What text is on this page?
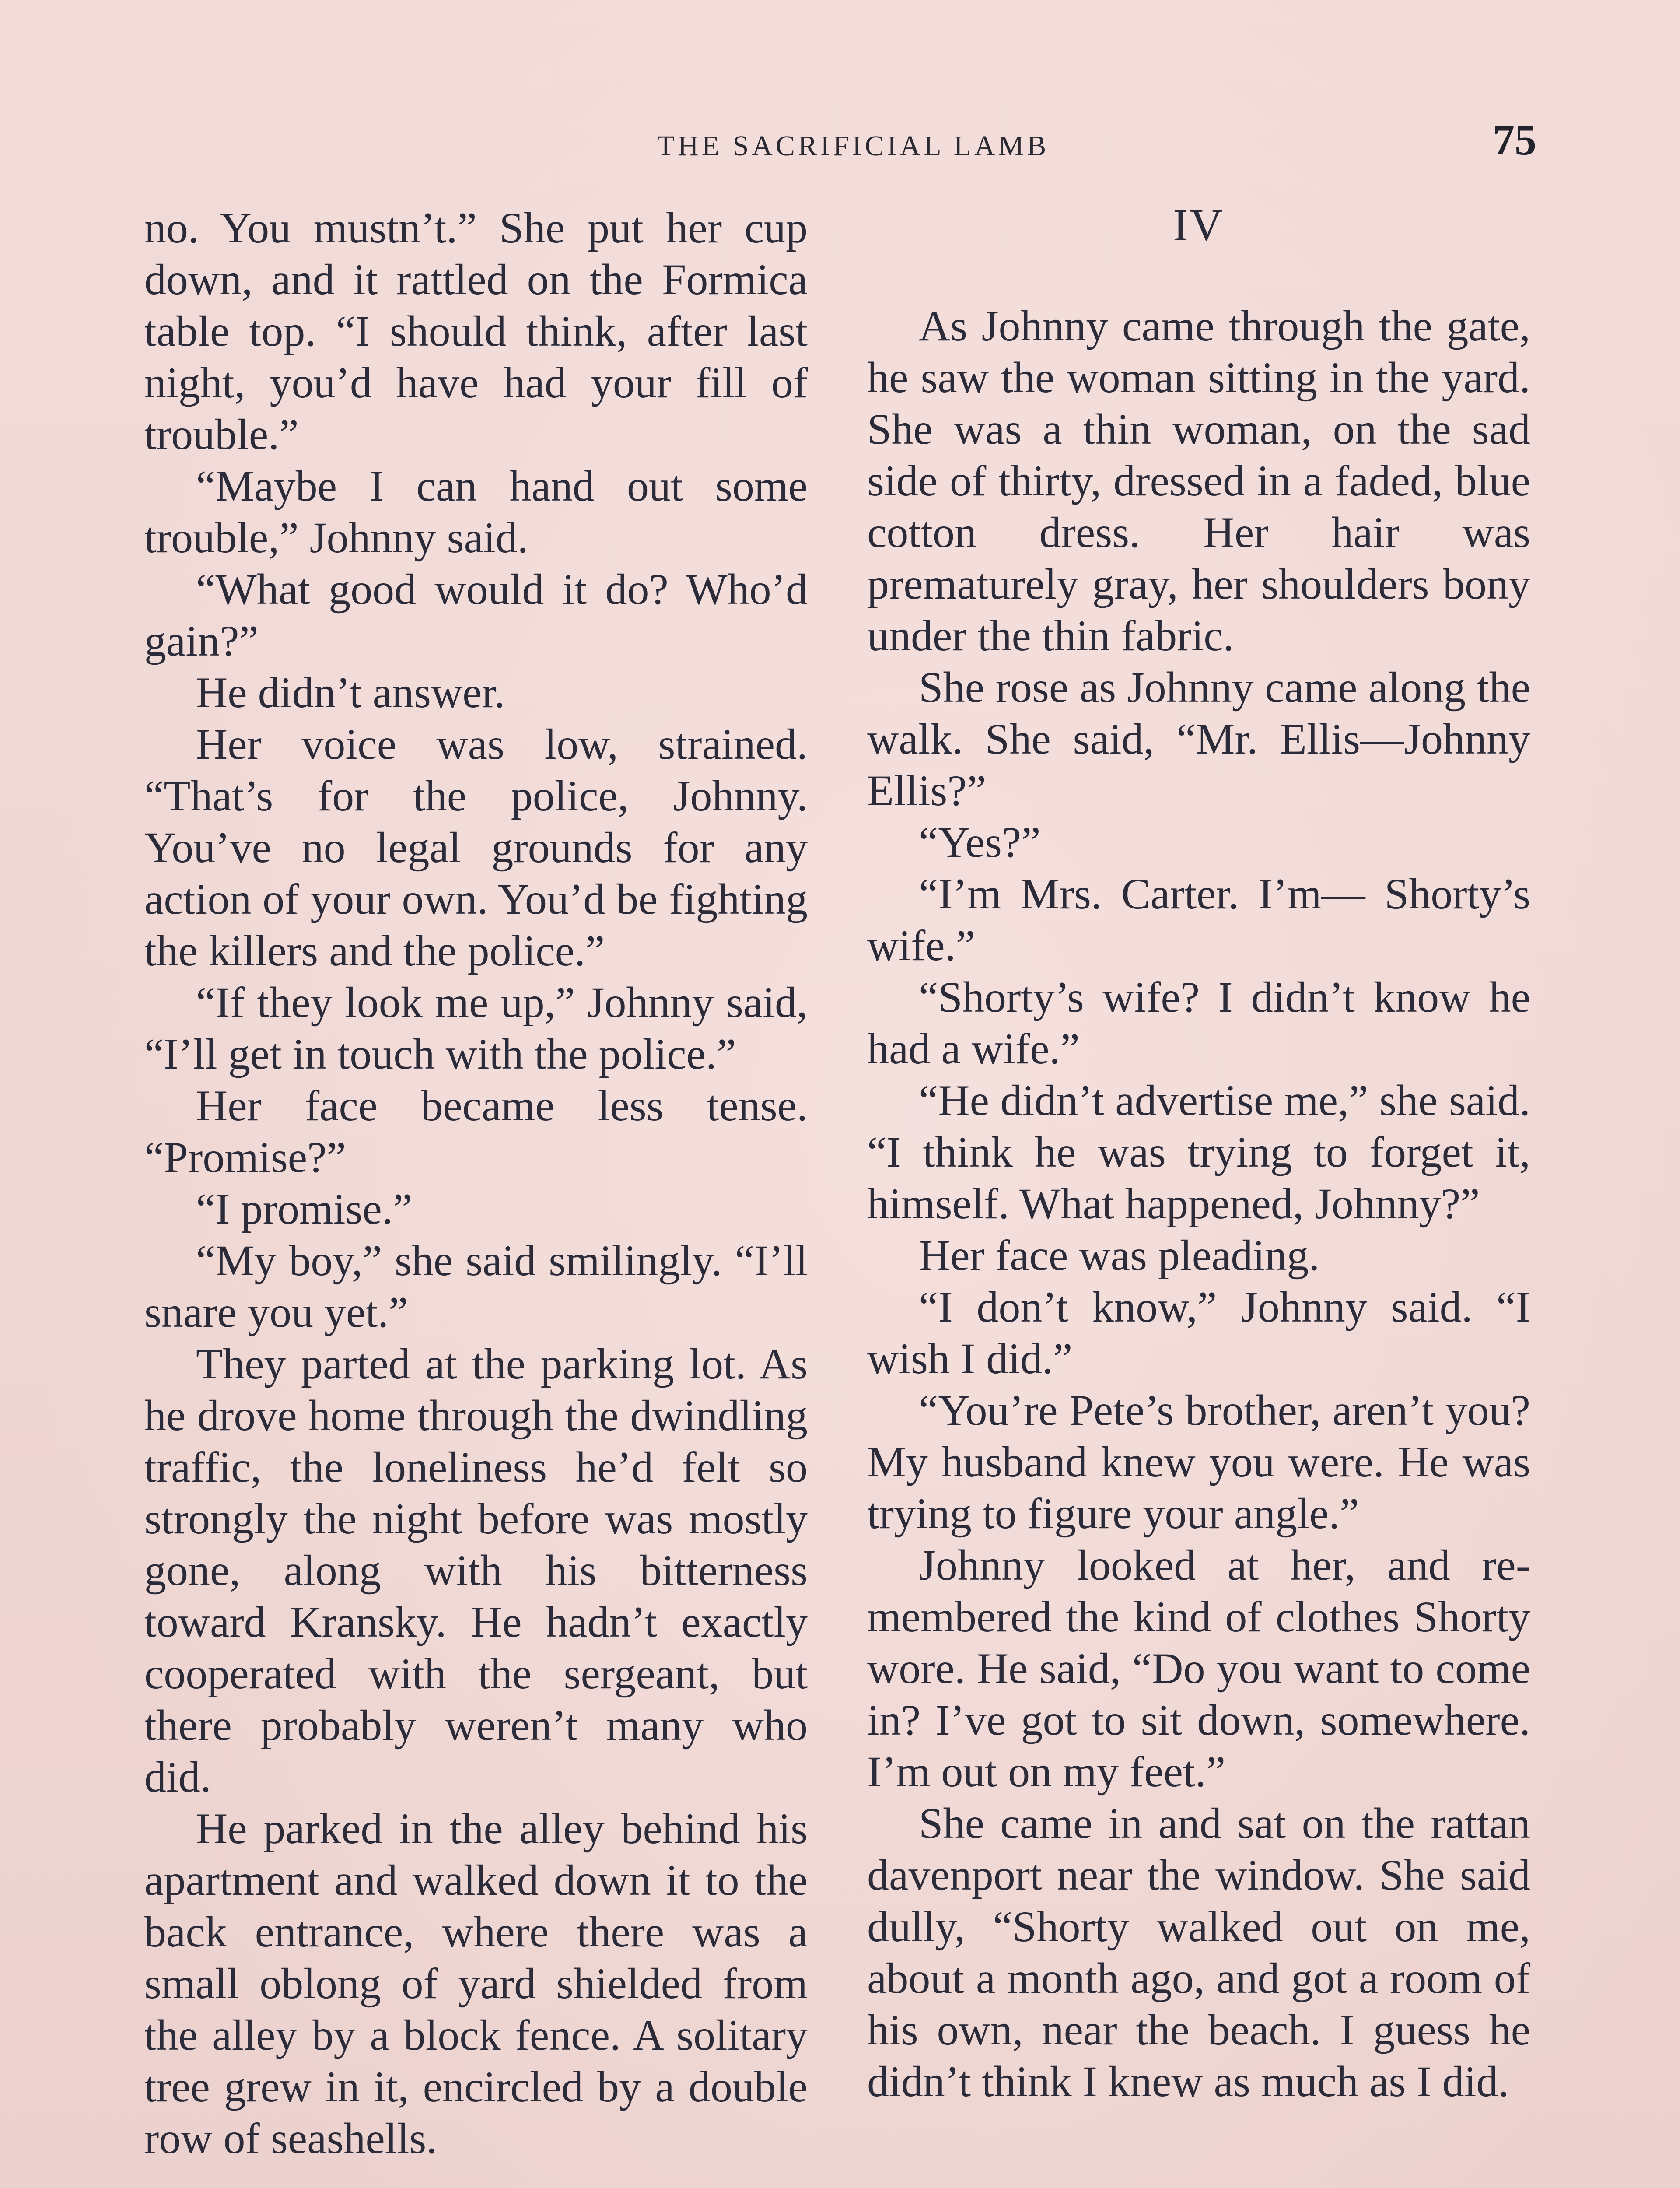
THE SACRIFICIAL LAMB	75

no. You mustn’t.” She put her cup down, and it rattled on the Formica table top. “I should think, after last night, you’d have had your fill of trouble.”

“Maybe I can hand out some trouble,” Johnny said.

“What good would it do? Who’d gain?”

He didn’t answer.

Her voice was low, strained. “That’s for the police, Johnny. You’ve no legal grounds for any action of your own. You’d be fighting the killers and the police.”

“If they look me up,” Johnny said, “I’ll get in touch with the police.”

Her face became less tense. “Promise?”

“I promise.”

“My boy,” she said smilingly. “I’ll snare you yet.”

They parted at the parking lot. As he drove home through the dwindling traffic, the loneliness he’d felt so strongly the night before was mostly gone, along with his bitterness toward Kransky. He hadn’t exactly cooperated with the sergeant, but there probably weren’t many who did.

He parked in the alley behind his apartment and walked down it to the back entrance, where there was a small oblong of yard shielded from the alley by a block fence. A solitary tree grew in it, encircled by a double row of seashells.

IV

As Johnny came through the gate, he saw the woman sitting in the yard. She was a thin woman, on the sad side of thirty, dressed in a faded, blue cotton dress. Her hair was prematurely gray, her shoulders bony under the thin fabric.

She rose as Johnny came along the walk. She said, “Mr. Ellis—Johnny Ellis?”

“Yes?”

“I’m Mrs. Carter. I’m— Shorty’s wife.”

“Shorty’s wife? I didn’t know he had a wife.”

“He didn’t advertise me,” she said. “I think he was trying to forget it, himself. What happened, Johnny?”

Her face was pleading.

“I don’t know,” Johnny said. “I wish I did.”

“You’re Pete’s brother, aren’t you? My husband knew you were. He was trying to figure your angle.”

Johnny looked at her, and remembered the kind of clothes Shorty wore. He said, “Do you want to come in? I’ve got to sit down, somewhere. I’m out on my feet.”

She came in and sat on the rattan davenport near the window. She said dully, “Shorty walked out on me, about a month ago, and got a room of his own, near the beach. I guess he didn’t think I knew as much as I did.
